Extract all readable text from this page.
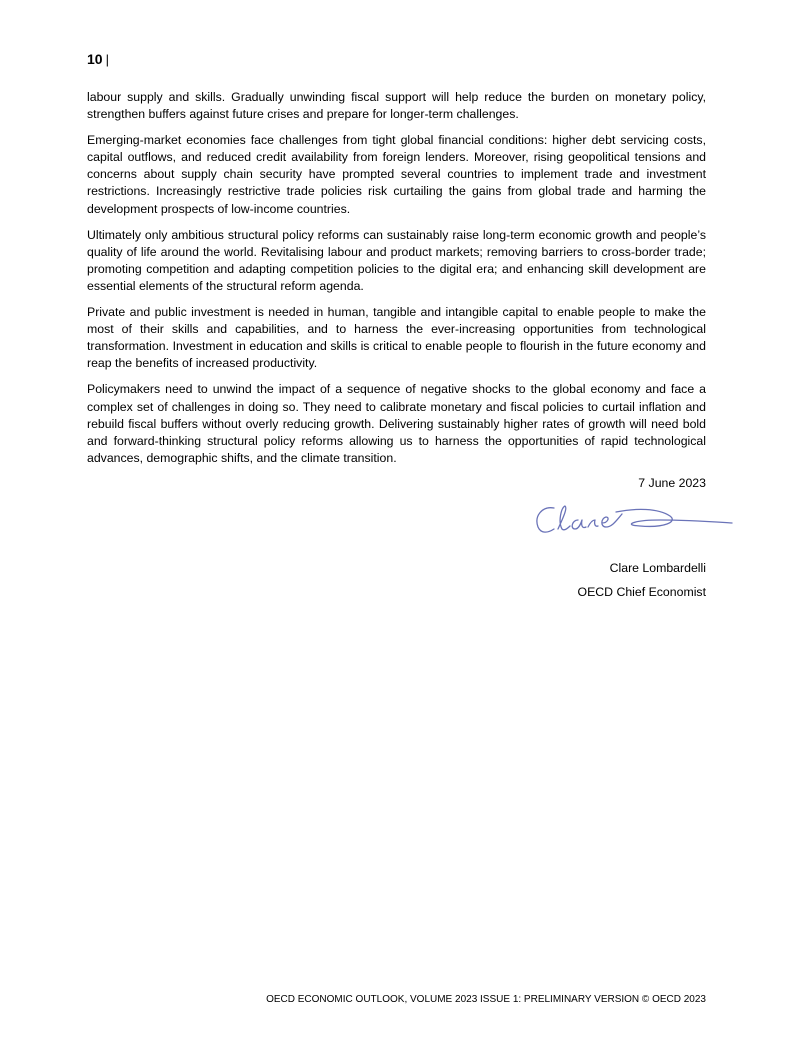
10 |

labour supply and skills. Gradually unwinding fiscal support will help reduce the burden on monetary policy, strengthen buffers against future crises and prepare for longer-term challenges.

Emerging-market economies face challenges from tight global financial conditions: higher debt servicing costs, capital outflows, and reduced credit availability from foreign lenders. Moreover, rising geopolitical tensions and concerns about supply chain security have prompted several countries to implement trade and investment restrictions. Increasingly restrictive trade policies risk curtailing the gains from global trade and harming the development prospects of low-income countries.

Ultimately only ambitious structural policy reforms can sustainably raise long-term economic growth and people’s quality of life around the world. Revitalising labour and product markets; removing barriers to cross-border trade; promoting competition and adapting competition policies to the digital era; and enhancing skill development are essential elements of the structural reform agenda.

Private and public investment is needed in human, tangible and intangible capital to enable people to make the most of their skills and capabilities, and to harness the ever-increasing opportunities from technological transformation. Investment in education and skills is critical to enable people to flourish in the future economy and reap the benefits of increased productivity.

Policymakers need to unwind the impact of a sequence of negative shocks to the global economy and face a complex set of challenges in doing so. They need to calibrate monetary and fiscal policies to curtail inflation and rebuild fiscal buffers without overly reducing growth. Delivering sustainably higher rates of growth will need bold and forward-thinking structural policy reforms allowing us to harness the opportunities of rapid technological advances, demographic shifts, and the climate transition.

7 June 2023
Clare Lombardelli
OECD Chief Economist
OECD ECONOMIC OUTLOOK, VOLUME 2023 ISSUE 1: PRELIMINARY VERSION © OECD 2023
